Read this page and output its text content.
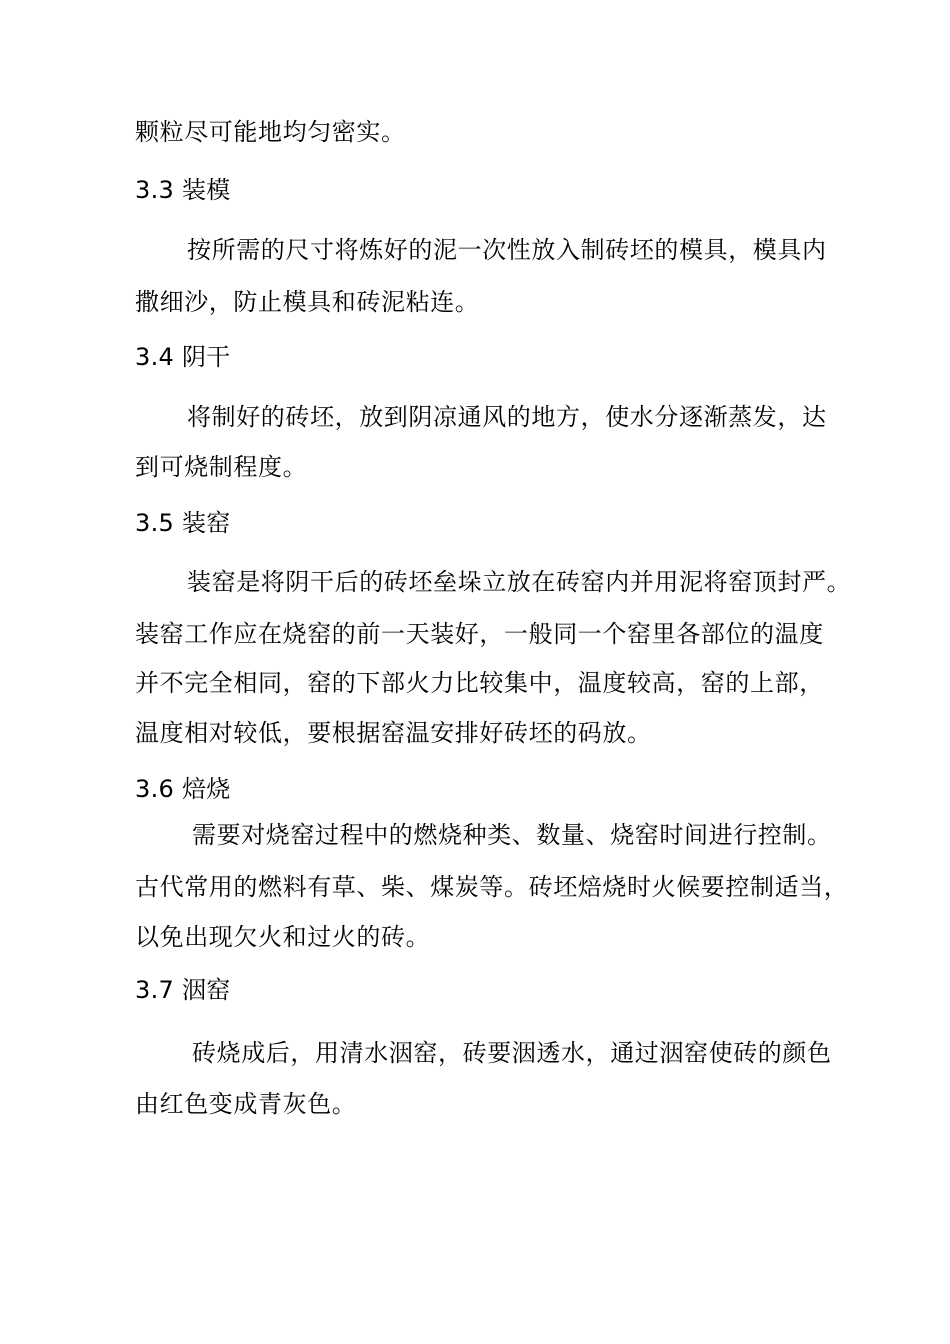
颗粒尽可能地均匀密实。
3.3 装模
按所需的尺寸将炼好的泥一次性放入制砖坯的模具，模具内
撒细沙，防止模具和砖泥粘连。
3.4 阴干
将制好的砖坯，放到阴凉通风的地方，使水分逐渐蒸发，达
到可烧制程度。
3.5 装窑
装窑是将阴干后的砖坯垒垛立放在砖窑内并用泥将窑顶封严。
装窑工作应在烧窑的前一天装好，一般同一个窑里各部位的温度
并不完全相同，窑的下部火力比较集中，温度较高，窑的上部，
温度相对较低，要根据窑温安排好砖坯的码放。
3.6 焙烧
需要对烧窑过程中的燃烧种类、数量、烧窑时间进行控制。
古代常用的燃料有草、柴、煤炭等。砖坯焙烧时火候要控制适当，
以免出现欠火和过火的砖。
3.7 洇窑
砖烧成后，用清水洇窑，砖要洇透水，通过洇窑使砖的颜色
由红色变成青灰色。
